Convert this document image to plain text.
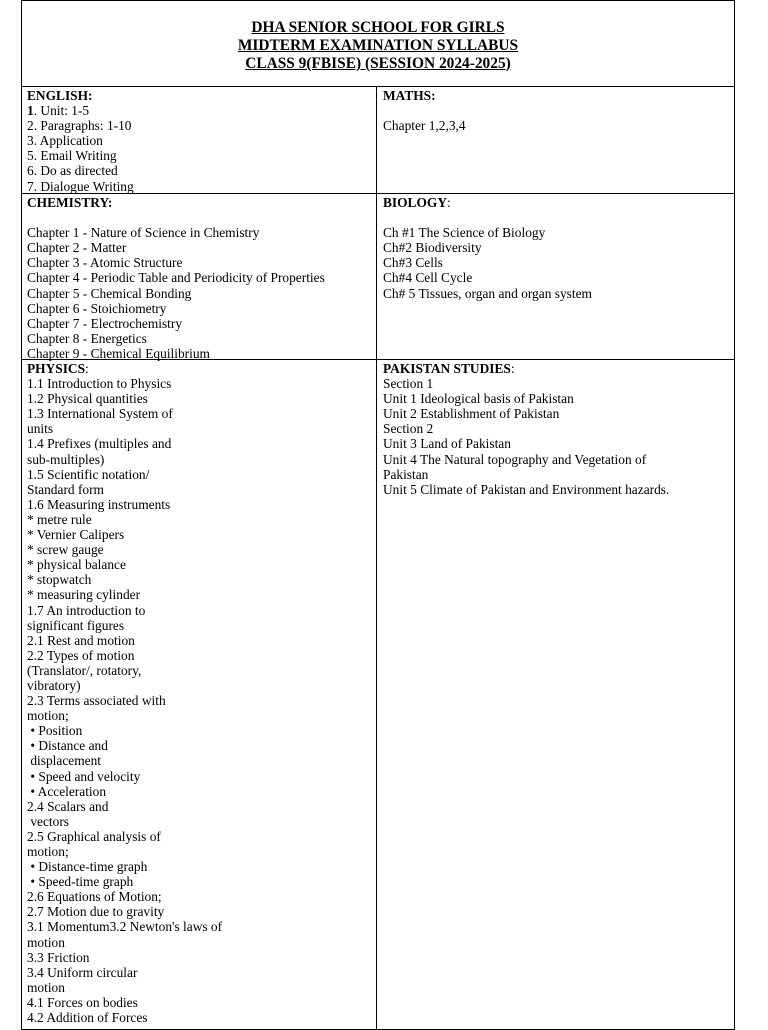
DHA SENIOR SCHOOL FOR GIRLS
MIDTERM EXAMINATION SYLLABUS
CLASS 9(FBISE) (SESSION 2024-2025)
ENGLISH:
1. Unit: 1-5
2. Paragraphs: 1-10
3. Application
5. Email Writing
6. Do as directed
7. Dialogue Writing
MATHS:
Chapter 1,2,3,4
CHEMISTRY:
Chapter 1 - Nature of Science in Chemistry
Chapter 2 - Matter
Chapter 3 - Atomic Structure
Chapter 4 - Periodic Table and Periodicity of Properties
Chapter 5 - Chemical Bonding
Chapter 6 - Stoichiometry
Chapter 7 - Electrochemistry
Chapter 8 - Energetics
Chapter 9 - Chemical Equilibrium
BIOLOGY:
Ch #1 The Science of Biology
Ch#2 Biodiversity
Ch#3 Cells
Ch#4 Cell Cycle
Ch# 5 Tissues, organ and organ system
PHYSICS:
1.1 Introduction to Physics
1.2 Physical quantities
1.3 International System of
units
1.4 Prefixes (multiples and
sub-multiples)
1.5 Scientific notation/
Standard form
1.6 Measuring instruments
* metre rule
* Vernier Calipers
* screw gauge
* physical balance
* stopwatch
* measuring cylinder
1.7 An introduction to
significant figures
2.1 Rest and motion
2.2 Types of motion
(Translator/, rotatory,
vibratory)
2.3 Terms associated with
motion;
• Position
• Distance and
displacement
• Speed and velocity
• Acceleration
2.4 Scalars and
vectors
2.5 Graphical analysis of
motion;
• Distance-time graph
• Speed-time graph
2.6 Equations of Motion;
2.7 Motion due to gravity
3.1 Momentum3.2 Newton's laws of
motion
3.3 Friction
3.4 Uniform circular
motion
4.1 Forces on bodies
4.2 Addition of Forces
PAKISTAN STUDIES:
Section 1
Unit 1 Ideological basis of Pakistan
Unit 2 Establishment of Pakistan
Section 2
Unit 3 Land of Pakistan
Unit 4 The Natural topography and Vegetation of
Pakistan
Unit 5 Climate of Pakistan and Environment hazards.
